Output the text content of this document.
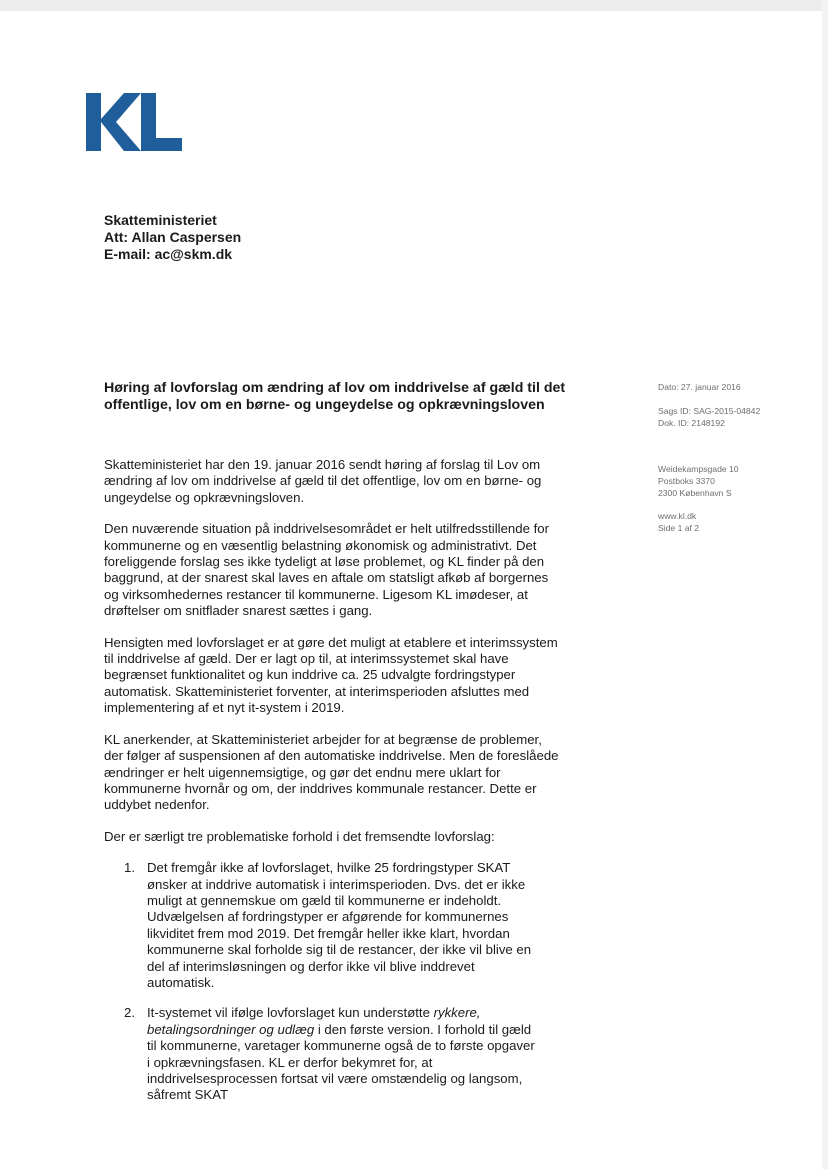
Skatteministeriet
Att: Allan Caspersen
E-mail: ac@skm.dk
Høring af lovforslag om ændring af lov om inddrivelse af gæld til det offentlige, lov om en børne- og ungeydelse og opkrævningsloven
Dato: 27. januar 2016
Sags ID: SAG-2015-04842
Dok. ID: 2148192
Weidekampsgade 10
Postboks 3370
2300 København S
www.kl.dk
Side 1 af 2

Skatteministeriet har den 19. januar 2016 sendt høring af forslag til Lov om ændring af lov om inddrivelse af gæld til det offentlige, lov om en børne- og ungeydelse og opkrævningsloven.

Den nuværende situation på inddrivelsesområdet er helt utilfredsstillende for kommunerne og en væsentlig belastning økonomisk og administrativt. Det foreliggende forslag ses ikke tydeligt at løse problemet, og KL finder på den baggrund, at der snarest skal laves en aftale om statsligt afkøb af borgernes og virksomhedernes restancer til kommunerne. Ligesom KL imødeser, at drøftelser om snitflader snarest sættes i gang.

Hensigten med lovforslaget er at gøre det muligt at etablere et interimssystem til inddrivelse af gæld. Der er lagt op til, at interimssystemet skal have begrænset funktionalitet og kun inddrive ca. 25 udvalgte fordringstyper automatisk. Skatteministeriet forventer, at interimsperioden afsluttes med implementering af et nyt it-system i 2019.

KL anerkender, at Skatteministeriet arbejder for at begrænse de problemer, der følger af suspensionen af den automatiske inddrivelse. Men de foreslåede ændringer er helt uigennemsigtige, og gør det endnu mere uklart for kommunerne hvornår og om, der inddrives kommunale restancer. Dette er uddybet nedenfor.

Der er særligt tre problematiske forhold i det fremsendte lovforslag:

1. Det fremgår ikke af lovforslaget, hvilke 25 fordringstyper SKAT ønsker at inddrive automatisk i interimsperioden. Dvs. det er ikke muligt at gennemskue om gæld til kommunerne er indeholdt. Udvælgelsen af fordringstyper er afgørende for kommunernes likviditet frem mod 2019. Det fremgår heller ikke klart, hvordan kommunerne skal forholde sig til de restancer, der ikke vil blive en del af interimsløsningen og derfor ikke vil blive inddrevet automatisk.
2. It-systemet vil ifølge lovforslaget kun understøtte rykkere, betalingsordninger og udlæg i den første version. I forhold til gæld til kommunerne, varetager kommunerne også de to første opgaver i opkrævningsfasen. KL er derfor bekymret for, at inddrivelsesprocessen fortsat vil være omstændelig og langsom, såfremt SKAT
